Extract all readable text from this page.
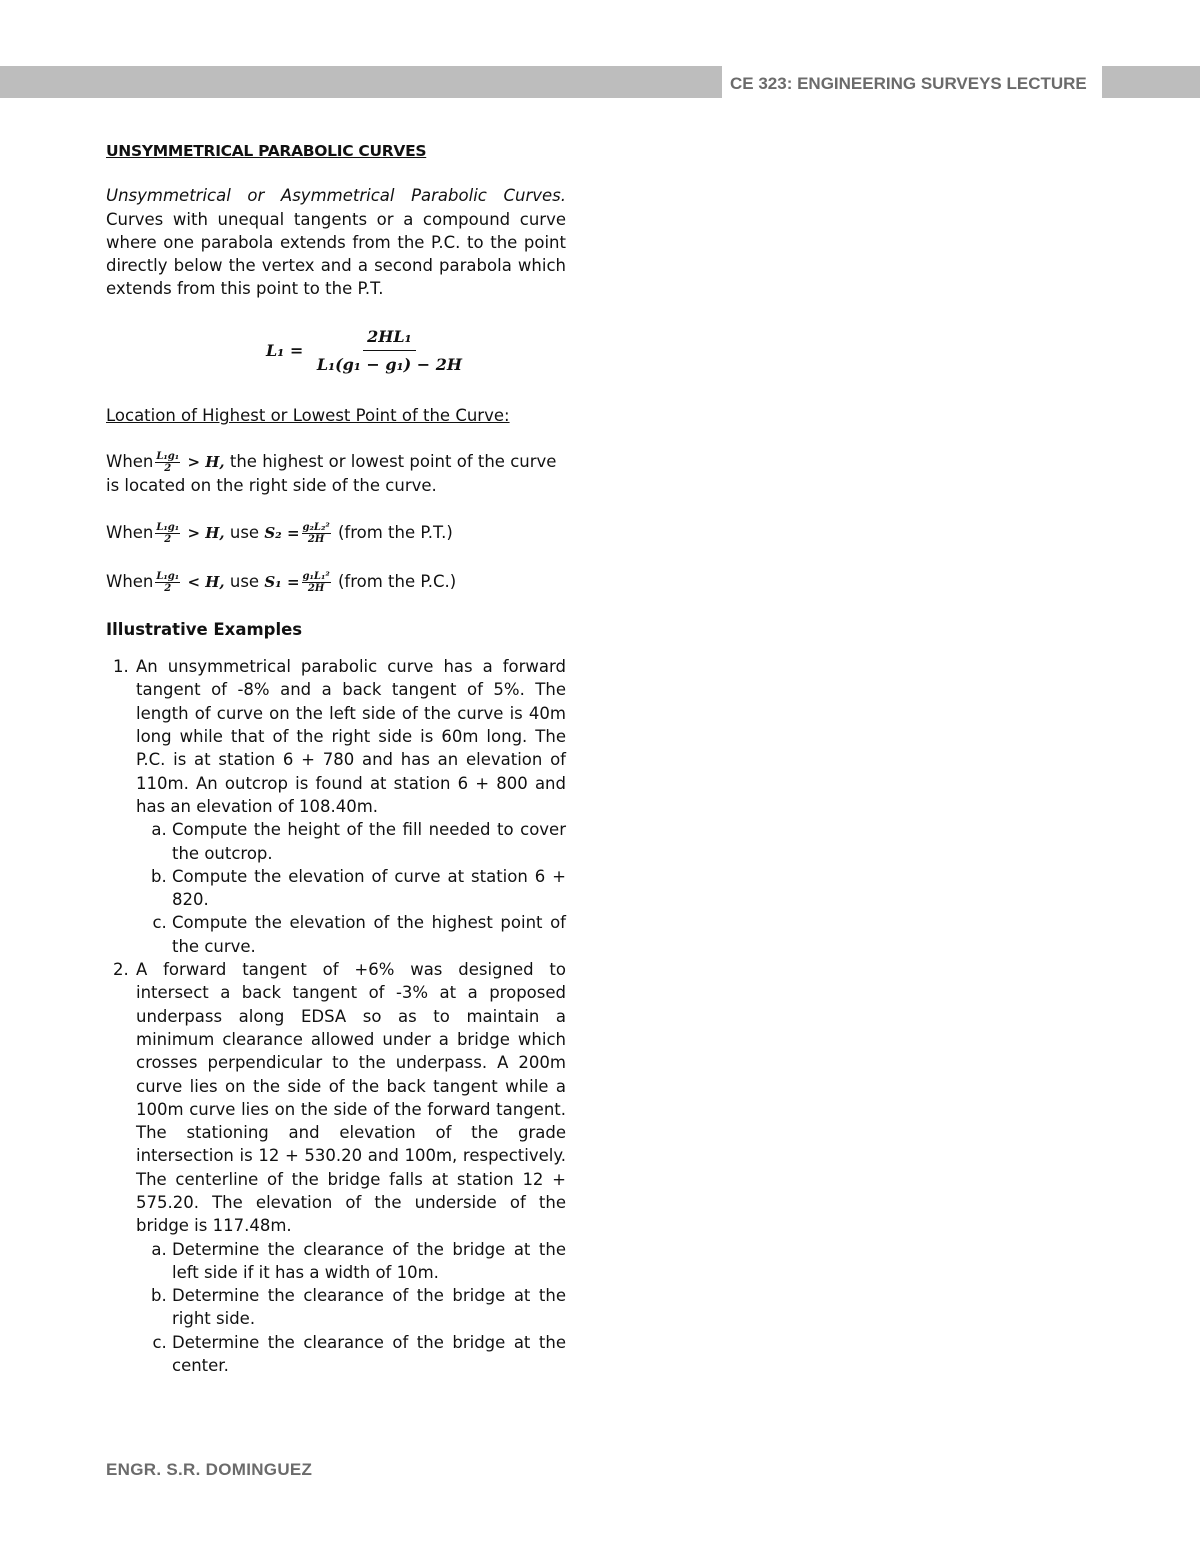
CE 323: ENGINEERING SURVEYS LECTURE
UNSYMMETRICAL PARABOLIC CURVES

Unsymmetrical or Asymmetrical Parabolic Curves. Curves with unequal tangents or a compound curve where one parabola extends from the P.C. to the point directly below the vertex and a second parabola which extends from this point to the P.T.

$L_1 = \frac{\text{2HL₁}}{\text{L₁(g₁ − g₁) − 2H}}$
Location of Highest or Lowest Point of the Curve:
When $\frac{\text{L₁g₁}}{2} > H$, the highest or lowest point of the curve is located on the right side of the curve.
When $\frac{\text{L₁g₁}}{2} > H$, use $S_2 = \frac{\text{g₂L₂²}}{2H}$ (from the P.T.)
When $\frac{\text{L₁g₁}}{2} < H$, use $S_1 = \frac{\text{g₁L₁²}}{2H}$ (from the P.C.)
Illustrative Examples
1. An unsymmetrical parabolic curve has a forward tangent of -8% and a back tangent of 5%. The length of curve on the left side of the curve is 40m long while that of the right side is 60m long. The P.C. is at station 6 + 780 and has an elevation of 110m. An outcrop is found at station 6 + 800 and has an elevation of 108.40m.
a. Compute the height of the fill needed to cover the outcrop.
b. Compute the elevation of curve at station 6 + 820.
c. Compute the elevation of the highest point of the curve.
2. A forward tangent of +6% was designed to intersect a back tangent of -3% at a proposed underpass along EDSA so as to maintain a minimum clearance allowed under a bridge which crosses perpendicular to the underpass. A 200m curve lies on the side of the back tangent while a 100m curve lies on the side of the forward tangent. The stationing and elevation of the grade intersection is 12 + 530.20 and 100m, respectively. The centerline of the bridge falls at station 12 + 575.20. The elevation of the underside of the bridge is 117.48m.
a. Determine the clearance of the bridge at the left side if it has a width of 10m.
b. Determine the clearance of the bridge at the right side.
c. Determine the clearance of the bridge at the center.
ENGR. S.R. DOMINGUEZ
